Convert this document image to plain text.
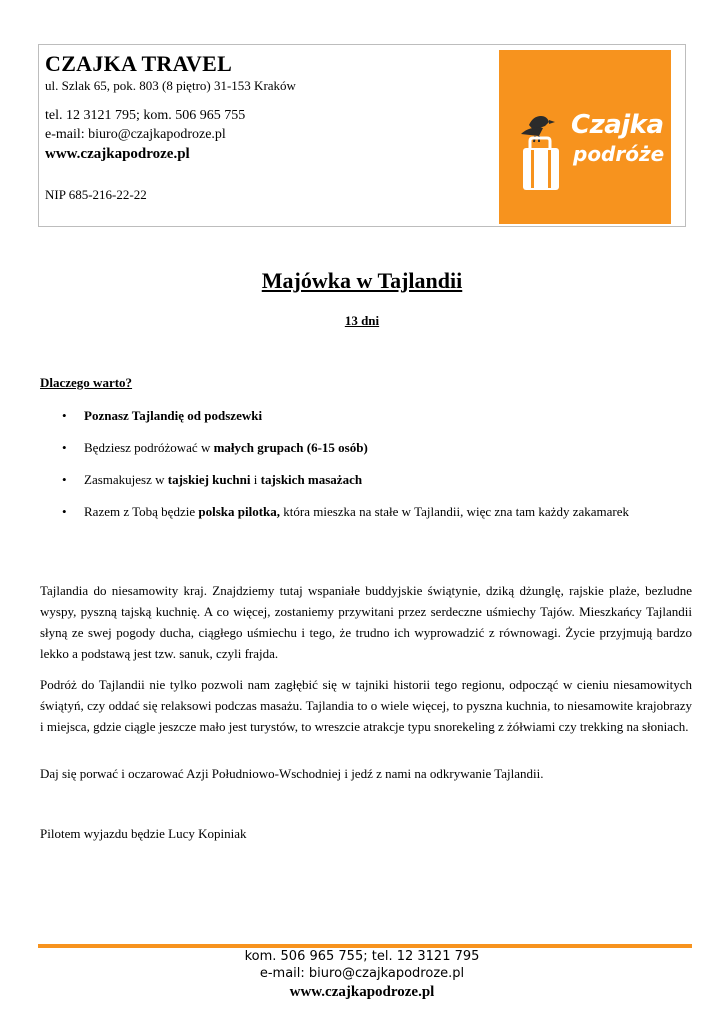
CZAJKA TRAVEL
ul. Szlak 65, pok. 803 (8 piętro) 31-153 Kraków
tel. 12 3121 795; kom. 506 965 755
e-mail: biuro@czajkapodroze.pl
www.czajkapodroze.pl
NIP 685-216-22-22
Czajka
podróże
Majówka w Tajlandii
13 dni
Dlaczego warto?
• Poznasz Tajlandię od podszewki
• Będziesz podróżować w małych grupach (6-15 osób)
• Zasmakujesz w tajskiej kuchni i tajskich masażach
• Razem z Tobą będzie polska pilotka, która mieszka na stałe w Tajlandii, więc zna tam każdy zakamarek

Tajlandia do niesamowity kraj. Znajdziemy tutaj wspaniałe buddyjskie świątynie, dziką dżunglę, rajskie plaże, bezludne wyspy, pyszną tajską kuchnię. A co więcej, zostaniemy przywitani przez serdeczne uśmiechy Tajów. Mieszkańcy Tajlandii słyną ze swej pogody ducha, ciągłego uśmiechu i tego, że trudno ich wyprowadzić z równowagi. Życie przyjmują bardzo lekko a podstawą jest tzw. sanuk, czyli frajda.

Podróż do Tajlandii nie tylko pozwoli nam zagłębić się w tajniki historii tego regionu, odpocząć w cieniu niesamowitych świątyń, czy oddać się relaksowi podczas masażu. Tajlandia to o wiele więcej, to pyszna kuchnia, to niesamowite krajobrazy i miejsca, gdzie ciągle jeszcze mało jest turystów, to wreszcie atrakcje typu snorekeling z żółwiami czy trekking na słoniach.

Daj się porwać i oczarować Azji Południowo-Wschodniej i jedź z nami na odkrywanie Tajlandii.

Pilotem wyjazdu będzie Lucy Kopiniak

kom. 506 965 755; tel. 12 3121 795
e-mail: biuro@czajkapodroze.pl
www.czajkapodroze.pl
